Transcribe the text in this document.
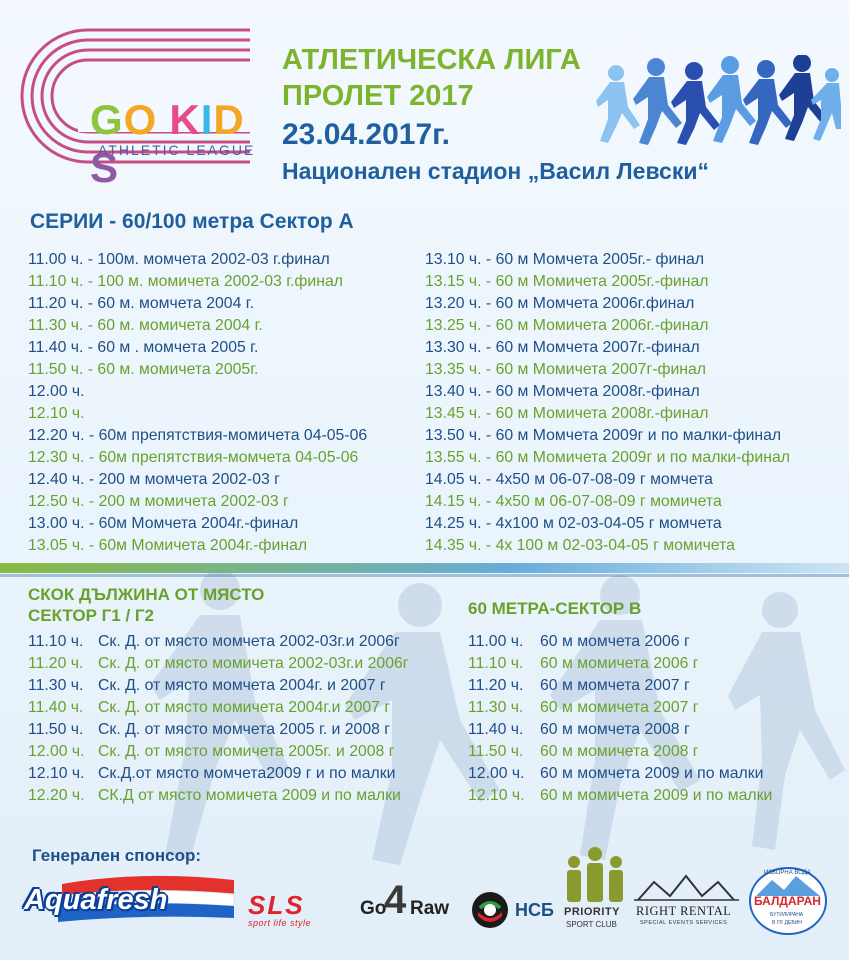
GO KIDS
ATHLETIC LEAGUE
АТЛЕТИЧЕСКА ЛИГА
ПРОЛЕТ 2017
23.04.2017г.
Национален стадион „Васил Левски“
СЕРИИ - 60/100 метра Сектор А
11.00 ч. - 100м. момчета 2002-03 г.финал
11.10 ч. - 100 м. момичета 2002-03 г.финал
11.20 ч. - 60 м. момчета 2004 г.
11.30 ч. - 60 м. момичета 2004 г.
11.40 ч. - 60 м . момчета 2005 г.
11.50 ч. - 60 м. момичета 2005г.
12.00 ч.
12.10 ч.
12.20 ч. - 60м препятствия-момичета 04-05-06
12.30 ч. - 60м препятствия-момчета 04-05-06
12.40 ч. - 200 м момчета 2002-03 г
12.50 ч. - 200 м момичета 2002-03 г
13.00 ч. - 60м Момчета 2004г.-финал
13.05 ч. - 60м Момичета 2004г.-финал
13.10 ч. - 60 м Момчета 2005г.- финал
13.15 ч. - 60 м Момичета 2005г.-финал
13.20 ч. - 60 м Момчета 2006г.финал
13.25 ч. - 60 м Момичета 2006г.-финал
13.30 ч. - 60 м Момчета 2007г.-финал
13.35 ч. - 60 м Момичета 2007г-финал
13.40 ч. - 60 м Момчета 2008г.-финал
13.45 ч. - 60 м Момичета 2008г.-финал
13.50 ч. - 60 м Момчета 2009г и по малки-финал
13.55 ч. - 60 м Момичета 2009г и по малки-финал
14.05 ч. - 4х50 м 06-07-08-09 г момчета
14.15 ч. - 4х50 м 06-07-08-09 г момичета
14.25 ч. - 4х100 м 02-03-04-05 г момчета
14.35 ч. - 4х 100 м 02-03-04-05 г момичета
СКОК ДЪЛЖИНА ОТ МЯСТО
СЕКТОР Г1 / Г2
11.10 ч. Ск. Д. от място момчета 2002-03г.и 2006г
11.20 ч. Ск. Д. от място момичета 2002-03г.и 2006г
11.30 ч. Ск. Д. от място момчета 2004г. и 2007 г
11.40 ч. Ск. Д. от място момичета 2004г.и 2007 г
11.50 ч. Ск. Д. от място момчета 2005 г. и 2008 г
12.00 ч. Ск. Д. от място момичета 2005г. и 2008 г
12.10 ч. Ск.Д.от място момчета2009 г и по малки
12.20 ч. СК.Д от място момичета 2009 и по малки
60 МЕТРА-СЕКТОР В
11.00 ч. 60 м момчета 2006 г
11.10 ч. 60 м момичета 2006 г
11.20 ч. 60 м момчета 2007 г
11.30 ч. 60 м момичета 2007 г
11.40 ч. 60 м момчета 2008 г
11.50 ч. 60 м момичета 2008 г
12.00 ч. 60 м момчета 2009 и по малки
12.10 ч. 60 м момичета 2009 и по малки
Генерален спонсор:
Aquafresh	SLS
sport life style
Go
4 Raw	НСБ PRIORITY
SPORT CLUB
RIGHT RENTAL
SPECIAL EVENTS SERVICES
ИЗВОРНА ВОДА
БАЛДАРАН
БУТИЛИРАНА
В ГР. ДЕВИН
